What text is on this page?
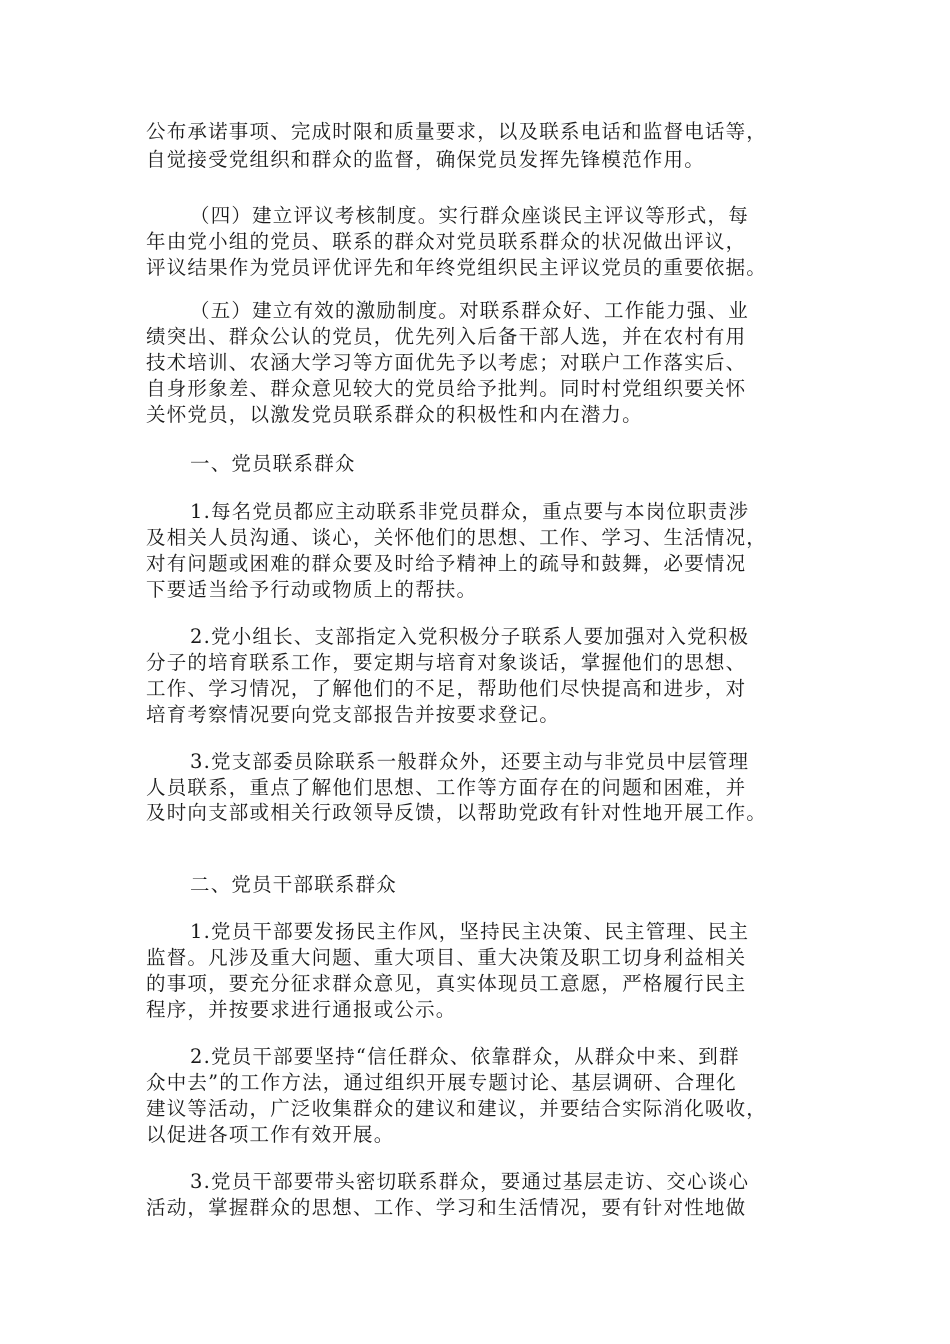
公布承诺事项、完成时限和质量要求，以及联系电话和监督电话等，
自觉接受党组织和群众的监督，确保党员发挥先锋模范作用。
（四）建立评议考核制度。实行群众座谈民主评议等形式，每
年由党小组的党员、联系的群众对党员联系群众的状况做出评议，
评议结果作为党员评优评先和年终党组织民主评议党员的重要依据。
（五）建立有效的激励制度。对联系群众好、工作能力强、业
绩突出、群众公认的党员，优先列入后备干部人选，并在农村有用
技术培训、农涵大学习等方面优先予以考虑；对联户工作落实后、
自身形象差、群众意见较大的党员给予批判。同时村党组织要关怀
关怀党员，以激发党员联系群众的积极性和内在潜力。
一、党员联系群众
1.每名党员都应主动联系非党员群众，重点要与本岗位职责涉
及相关人员沟通、谈心，关怀他们的思想、工作、学习、生活情况，
对有问题或困难的群众要及时给予精神上的疏导和鼓舞，必要情况
下要适当给予行动或物质上的帮扶。
2.党小组长、支部指定入党积极分子联系人要加强对入党积极
分子的培育联系工作，要定期与培育对象谈话，掌握他们的思想、
工作、学习情况，了解他们的不足，帮助他们尽快提高和进步，对
培育考察情况要向党支部报告并按要求登记。
3.党支部委员除联系一般群众外，还要主动与非党员中层管理
人员联系，重点了解他们思想、工作等方面存在的问题和困难，并
及时向支部或相关行政领导反馈，以帮助党政有针对性地开展工作。
二、党员干部联系群众
1.党员干部要发扬民主作风，坚持民主决策、民主管理、民主
监督。凡涉及重大问题、重大项目、重大决策及职工切身利益相关
的事项，要充分征求群众意见，真实体现员工意愿，严格履行民主
程序，并按要求进行通报或公示。
2.党员干部要坚持“信任群众、依靠群众，从群众中来、到群
众中去”的工作方法，通过组织开展专题讨论、基层调研、合理化
建议等活动，广泛收集群众的建议和建议，并要结合实际消化吸收，
以促进各项工作有效开展。
3.党员干部要带头密切联系群众，要通过基层走访、交心谈心
活动，掌握群众的思想、工作、学习和生活情况，要有针对性地做
